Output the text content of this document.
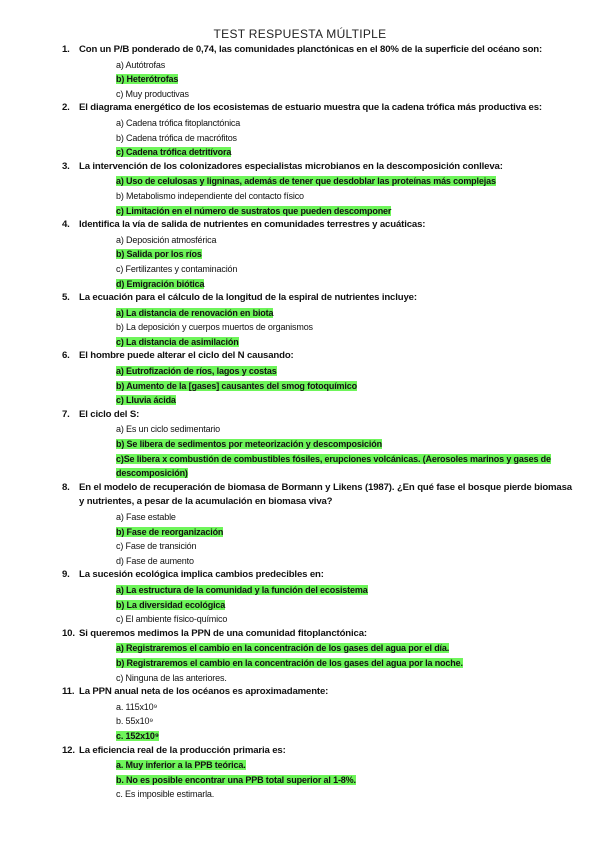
TEST RESPUESTA MÚLTIPLE
1. Con un P/B ponderado de 0,74, las comunidades planctónicas en el 80% de la superficie del océano son:
a) Autótrofas
b) Heterótrofas
c) Muy productivas
2. El diagrama energético de los ecosistemas de estuario muestra que la cadena trófica más productiva es:
a) Cadena trófica fitoplanctónica
b) Cadena trófica de macrófitos
c) Cadena trófica detritívora
3. La intervención de los colonizadores especialistas microbianos en la descomposición conlleva:
a) Uso de celulosas y ligninas, además de tener que desdoblar las proteínas más complejas
b) Metabolismo independiente del contacto físico
c) Limitación en el número de sustratos que pueden descomponer
4. Identifica la vía de salida de nutrientes en comunidades terrestres y acuáticas:
a) Deposición atmosférica
b) Salida por los ríos
c) Fertilizantes y contaminación
d) Emigración biótica
5. La ecuación para el cálculo de la longitud de la espiral de nutrientes incluye:
a) La distancia de renovación en biota
b) La deposición y cuerpos muertos de organismos
c) La distancia de asimilación
6. El hombre puede alterar el ciclo del N causando:
a) Eutrofización de ríos, lagos y costas
b) Aumento de la [gases] causantes del smog fotoquímico
c) Lluvia ácida
7. El ciclo del S:
a) Es un ciclo sedimentario
b) Se libera de sedimentos por meteorización y descomposición
c)Se libera x combustión de combustibles fósiles, erupciones volcánicas. (Aerosoles marinos y gases de descomposición)
8. En el modelo de recuperación de biomasa de Bormann y Likens (1987). ¿En qué fase el bosque pierde biomasa y nutrientes, a pesar de la acumulación en biomasa viva?
a) Fase estable
b) Fase de reorganización
c) Fase de transición
d) Fase de aumento
9. La sucesión ecológica implica cambios predecibles en:
a) La estructura de la comunidad y la función del ecosistema
b) La diversidad ecológica
c) El ambiente físico-químico
10. Si queremos medimos la PPN de una comunidad fitoplanctónica:
a) Registraremos el cambio en la concentración de los gases del agua por el día.
b) Registraremos el cambio en la concentración de los gases del agua por la noche.
c) Ninguna de las anteriores.
11. La PPN anual neta de los océanos es aproximadamente:
a. 115x10⁹
b. 55x10⁹
c. 152x10⁹
12. La eficiencia real de la producción primaria es:
a. Muy inferior a la PPB teórica.
b. No es posible encontrar una PPB total superior al 1-8%.
c. Es imposible estimarla.
